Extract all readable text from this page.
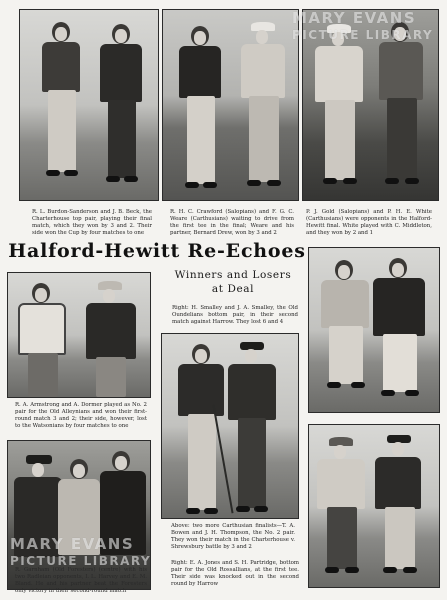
MARY EVANS
PICTURE LIBRARY
R. L. Burdon-Sanderson and J. B. Beck, the Charterhouse top pair, playing their final match, which they won by 3 and 2. Their side won the Cup by four matches to one
R. H. C. Crawford (Salopians) and F. G. C. Weare (Carthusians) waiting to drive from the first tee in the final; Weare and his partner, Bernard Drew, won by 3 and 2
P. J. Gold (Salopians) and P. H. E. White (Carthusians) were opponents in the Halford-Hewitt final. White played with C. Middleton, and they won by 2 and 1
Halford-Hewitt Re-Echoes
Winners and Losers
at Deal
Right: H. Smalley and J. A. Smalley, the Old Oundelians bottom pair, in their second match against Harrow. They lost 6 and 4
R. A. Armstrong and A. Dormer played as No. 2 pair for the Old Alleynians and won their first-round match 3 and 2; their side, however, lost to the Watsonians by four matches to one
Above: two more Carthusian finalists—T. A. Bowen and J. H. Thompson, the No. 2 pair. They won their match in the Charterhouse v. Shrewsbury battle by 3 and 2
MARY EVANS
PICTURE LIBRARY
R. Garnham (Old Foresters) (centre) with his two Radleian opponents, I. L. Harvey and E. M. Bland. He and his partner beat the Foresters only victory in their second-round match
Right: E. A. Jones and S. H. Partridge, bottom pair for the Old Rossallians, at the first tee. Their side was knocked out in the second round by Harrow
